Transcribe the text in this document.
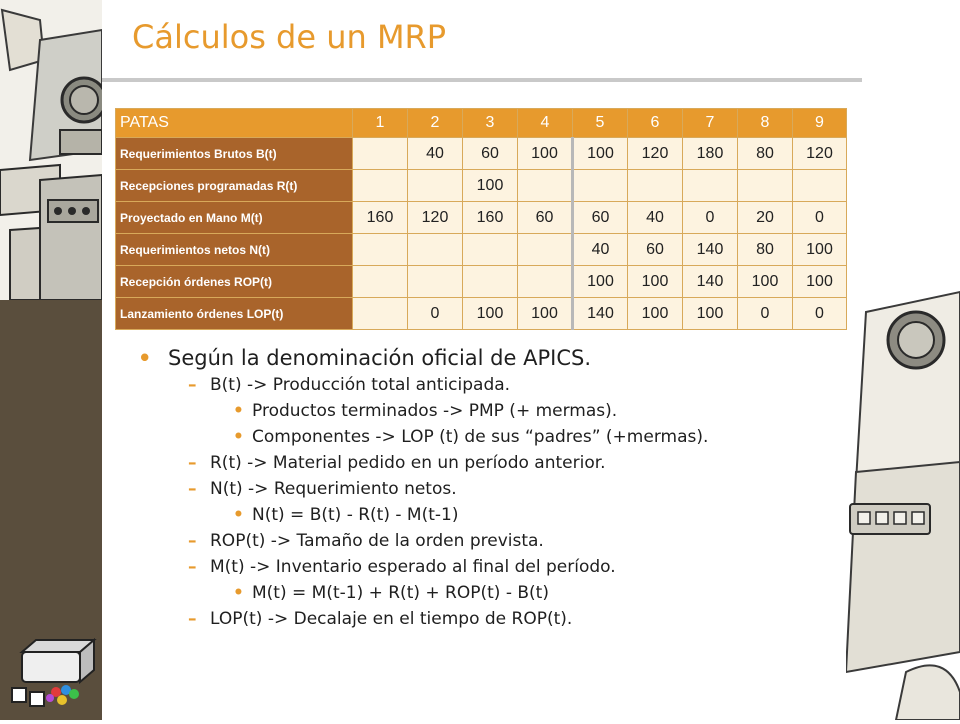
Cálculos de un MRP
PATAS	1	2	3	4	5	6	7	8	9
Requerimientos Brutos B(t)		40	60	100	100	120	180	80	120
Recepciones programadas R(t)			100						
Proyectado en Mano M(t)	160	120	160	60	60	40	0	20	0
Requerimientos netos N(t)					40	60	140	80	100
Recepción órdenes ROP(t)					100	100	140	100	100
Lanzamiento órdenes LOP(t)		0	100	100	140	100	100	0	0
• Según la denominación oficial de APICS.
– B(t) -> Producción total anticipada.
• Productos terminados -> PMP (+ mermas).
• Componentes -> LOP (t) de sus “padres” (+mermas).
– R(t) -> Material pedido en un período anterior.
– N(t) -> Requerimiento netos.
• N(t) = B(t) - R(t) - M(t-1)
– ROP(t) -> Tamaño de la orden prevista.
– M(t) -> Inventario esperado al final del período.
• M(t) = M(t-1) + R(t) + ROP(t) - B(t)
– LOP(t) -> Decalaje en el tiempo de ROP(t).
